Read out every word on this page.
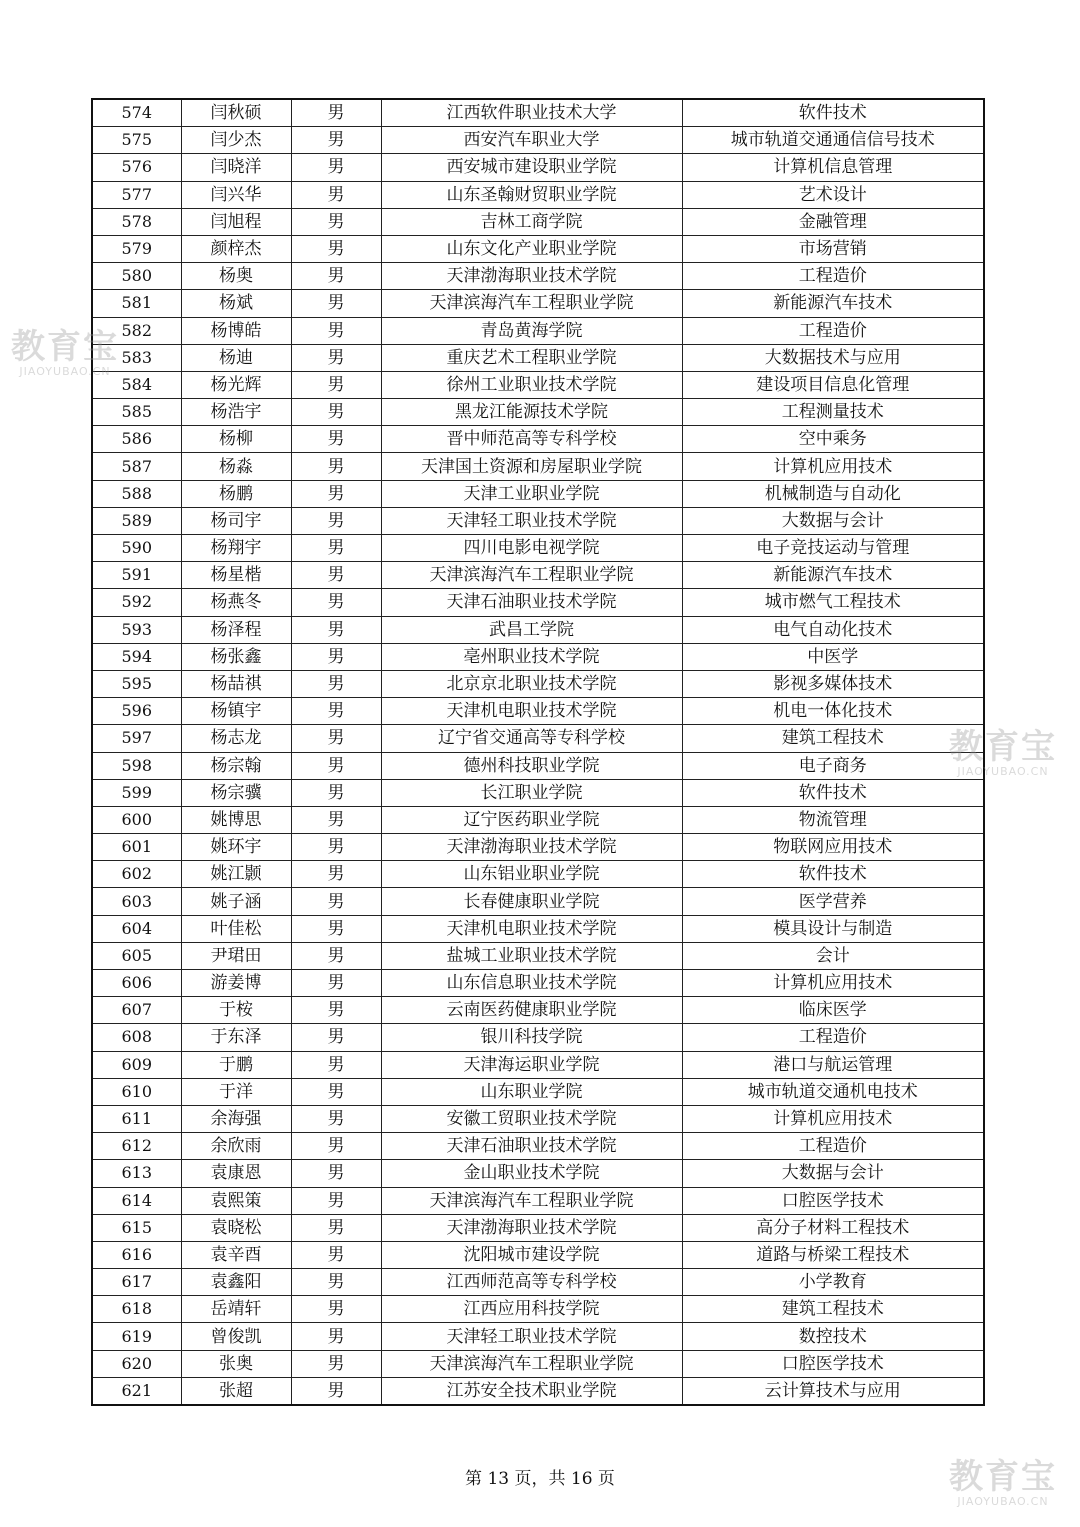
574	闫秋硕	男	江西软件职业技术大学	软件技术
575	闫少杰	男	西安汽车职业大学	城市轨道交通通信信号技术
576	闫晓洋	男	西安城市建设职业学院	计算机信息管理
577	闫兴华	男	山东圣翰财贸职业学院	艺术设计
578	闫旭程	男	吉林工商学院	金融管理
579	颜梓杰	男	山东文化产业职业学院	市场营销
580	杨奥	男	天津渤海职业技术学院	工程造价
581	杨斌	男	天津滨海汽车工程职业学院	新能源汽车技术
582	杨博皓	男	青岛黄海学院	工程造价
583	杨迪	男	重庆艺术工程职业学院	大数据技术与应用
584	杨光辉	男	徐州工业职业技术学院	建设项目信息化管理
585	杨浩宇	男	黑龙江能源技术学院	工程测量技术
586	杨柳	男	晋中师范高等专科学校	空中乘务
587	杨淼	男	天津国土资源和房屋职业学院	计算机应用技术
588	杨鹏	男	天津工业职业学院	机械制造与自动化
589	杨司宇	男	天津轻工职业技术学院	大数据与会计
590	杨翔宇	男	四川电影电视学院	电子竞技运动与管理
591	杨星楷	男	天津滨海汽车工程职业学院	新能源汽车技术
592	杨燕冬	男	天津石油职业技术学院	城市燃气工程技术
593	杨泽程	男	武昌工学院	电气自动化技术
594	杨张鑫	男	亳州职业技术学院	中医学
595	杨喆祺	男	北京京北职业技术学院	影视多媒体技术
596	杨镇宇	男	天津机电职业技术学院	机电一体化技术
597	杨志龙	男	辽宁省交通高等专科学校	建筑工程技术
598	杨宗翰	男	德州科技职业学院	电子商务
599	杨宗骥	男	长江职业学院	软件技术
600	姚博思	男	辽宁医药职业学院	物流管理
601	姚环宇	男	天津渤海职业技术学院	物联网应用技术
602	姚江颢	男	山东铝业职业学院	软件技术
603	姚子涵	男	长春健康职业学院	医学营养
604	叶佳松	男	天津机电职业技术学院	模具设计与制造
605	尹珺田	男	盐城工业职业技术学院	会计
606	游姜博	男	山东信息职业技术学院	计算机应用技术
607	于桉	男	云南医药健康职业学院	临床医学
608	于东泽	男	银川科技学院	工程造价
609	于鹏	男	天津海运职业学院	港口与航运管理
610	于洋	男	山东职业学院	城市轨道交通机电技术
611	余海强	男	安徽工贸职业技术学院	计算机应用技术
612	余欣雨	男	天津石油职业技术学院	工程造价
613	袁康恩	男	金山职业技术学院	大数据与会计
614	袁熙策	男	天津滨海汽车工程职业学院	口腔医学技术
615	袁晓松	男	天津渤海职业技术学院	高分子材料工程技术
616	袁辛酉	男	沈阳城市建设学院	道路与桥梁工程技术
617	袁鑫阳	男	江西师范高等专科学校	小学教育
618	岳靖轩	男	江西应用科技学院	建筑工程技术
619	曾俊凯	男	天津轻工职业技术学院	数控技术
620	张奥	男	天津滨海汽车工程职业学院	口腔医学技术
621	张超	男	江苏安全技术职业学院	云计算技术与应用
第 13 页，共 16 页
教育宝
JIAOYUBAO.CN
教育宝
JIAOYUBAO.CN
教育宝
JIAOYUBAO.CN
